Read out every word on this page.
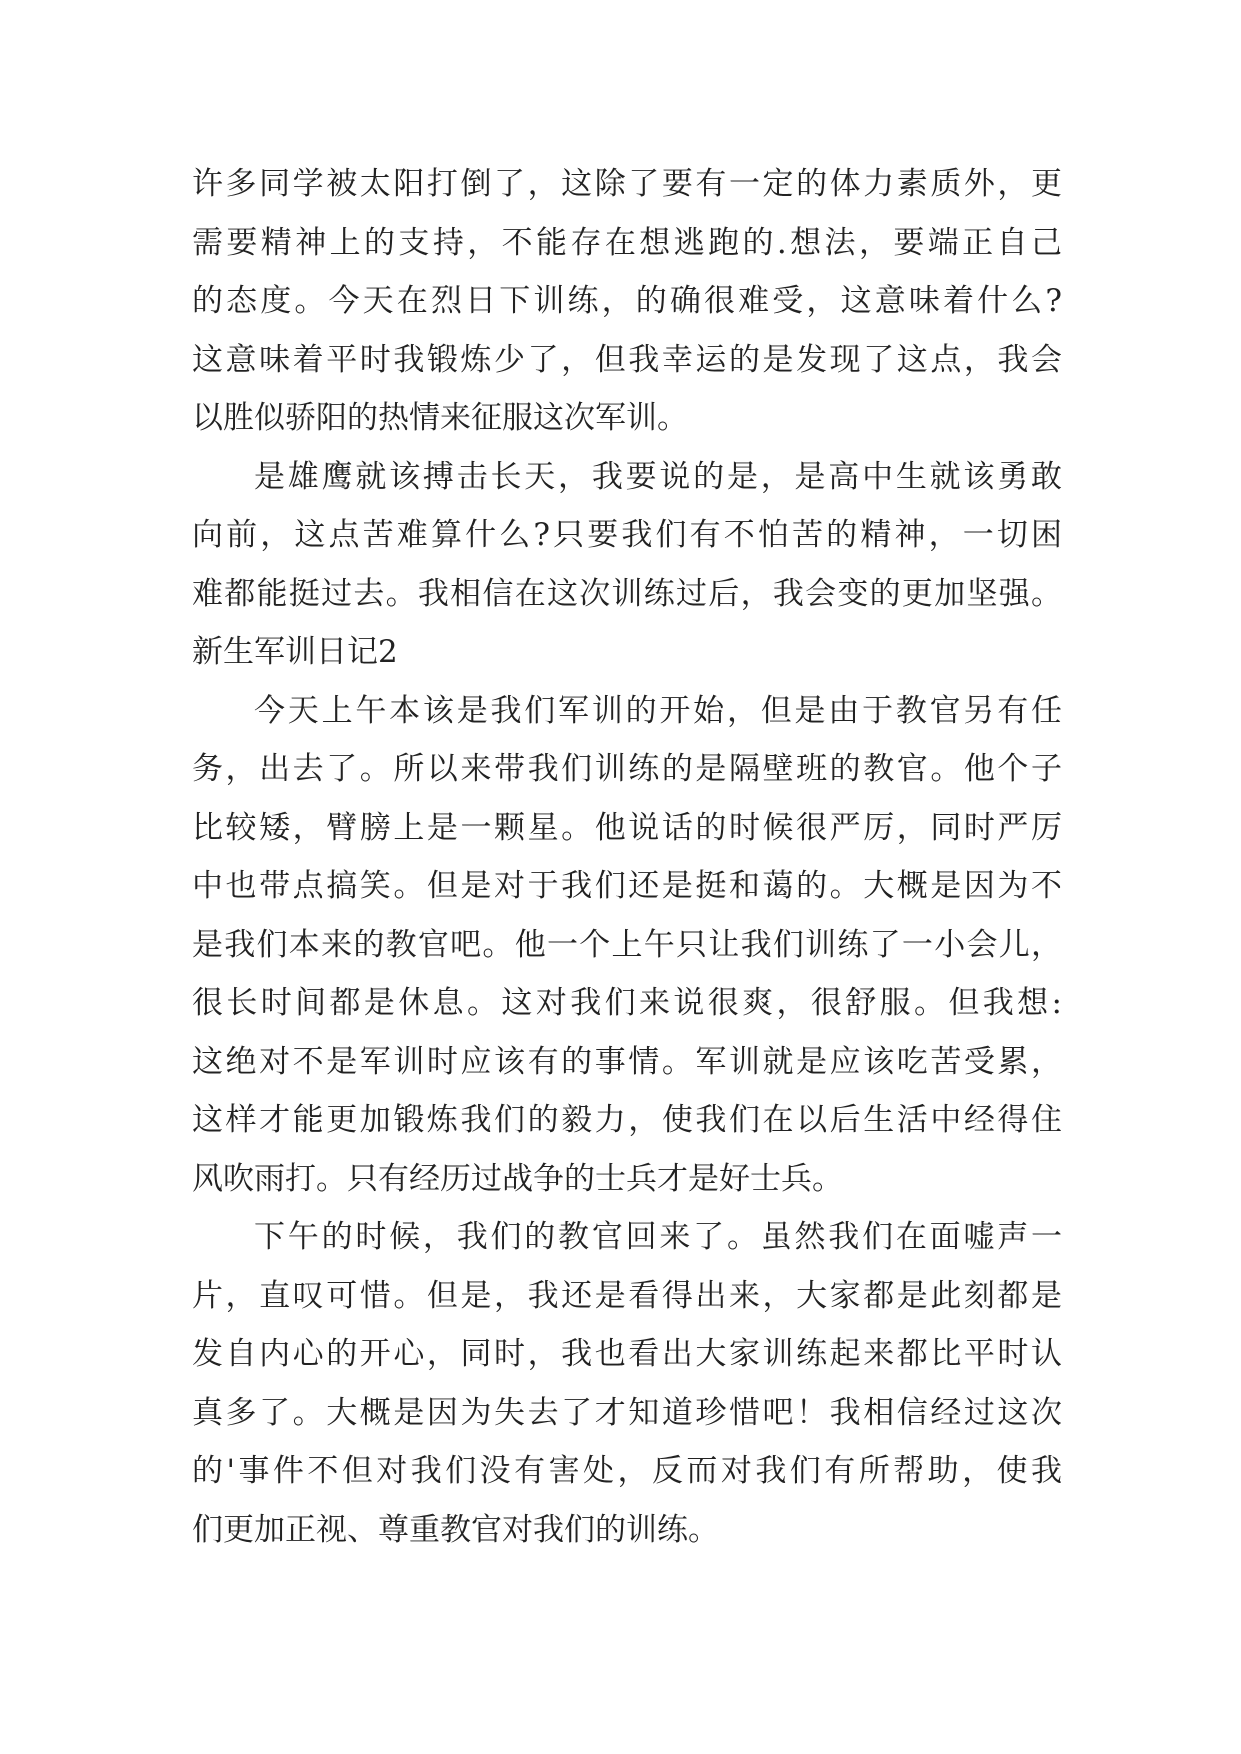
许多同学被太阳打倒了，这除了要有一定的体力素质外，更
需要精神上的支持，不能存在想逃跑的.想法，要端正自己
的态度。今天在烈日下训练，的确很难受，这意味着什么?
这意味着平时我锻炼少了，但我幸运的是发现了这点，我会
以胜似骄阳的热情来征服这次军训。
是雄鹰就该搏击长天，我要说的是，是高中生就该勇敢
向前，这点苦难算什么?只要我们有不怕苦的精神，一切困
难都能挺过去。我相信在这次训练过后，我会变的更加坚强。
新生军训日记2
今天上午本该是我们军训的开始，但是由于教官另有任
务，出去了。所以来带我们训练的是隔壁班的教官。他个子
比较矮，臂膀上是一颗星。他说话的时候很严厉，同时严厉
中也带点搞笑。但是对于我们还是挺和蔼的。大概是因为不
是我们本来的教官吧。他一个上午只让我们训练了一小会儿，
很长时间都是休息。这对我们来说很爽，很舒服。但我想:
这绝对不是军训时应该有的事情。军训就是应该吃苦受累，
这样才能更加锻炼我们的毅力，使我们在以后生活中经得住
风吹雨打。只有经历过战争的士兵才是好士兵。
下午的时候，我们的教官回来了。虽然我们在面嘘声一
片，直叹可惜。但是，我还是看得出来，大家都是此刻都是
发自内心的开心，同时，我也看出大家训练起来都比平时认
真多了。大概是因为失去了才知道珍惜吧！我相信经过这次
的'事件不但对我们没有害处，反而对我们有所帮助，使我
们更加正视、尊重教官对我们的训练。
